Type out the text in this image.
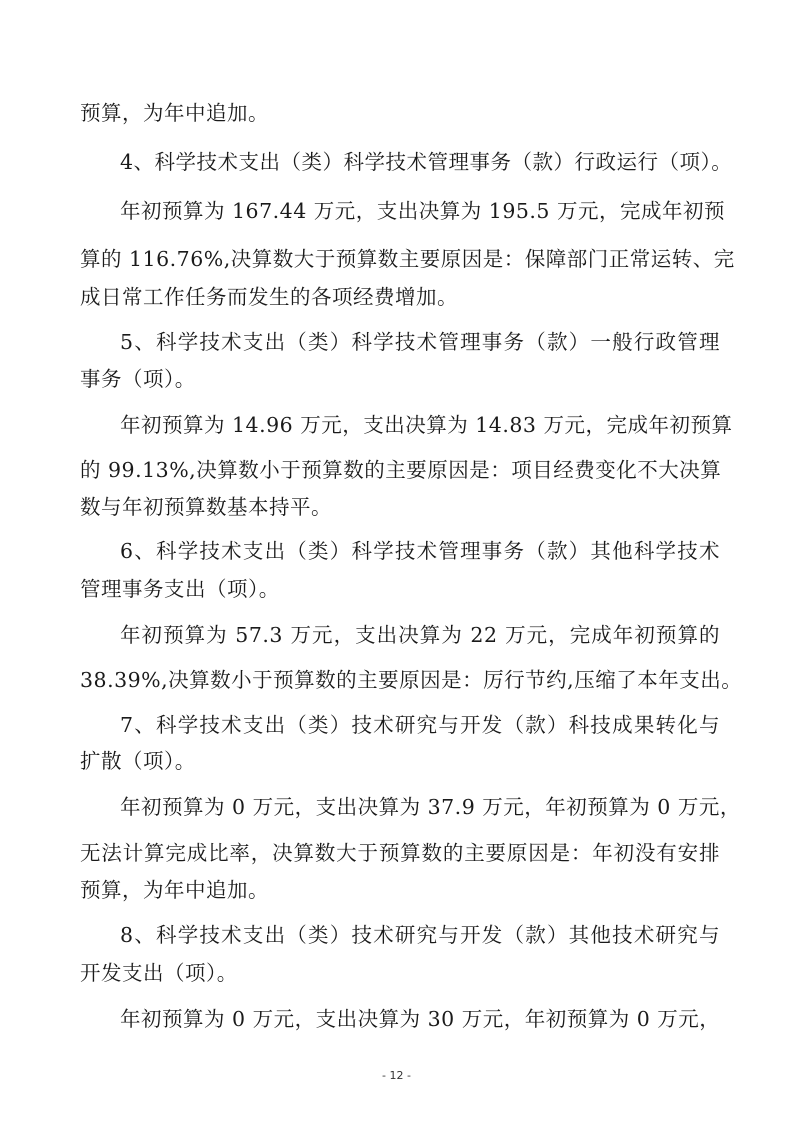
预算，为年中追加。
4、科学技术支出（类）科学技术管理事务（款）行政运行（项）。
年初预算为 167.44 万元，支出决算为 195.5 万元，完成年初预
算的 116.76%,决算数大于预算数主要原因是：保障部门正常运转、完
成日常工作任务而发生的各项经费增加。
5、科学技术支出（类）科学技术管理事务（款）一般行政管理
事务（项）。
年初预算为 14.96 万元，支出决算为 14.83 万元，完成年初预算
的 99.13%,决算数小于预算数的主要原因是：项目经费变化不大决算
数与年初预算数基本持平。
6、科学技术支出（类）科学技术管理事务（款）其他科学技术
管理事务支出（项）。
年初预算为 57.3 万元，支出决算为 22 万元，完成年初预算的
38.39%,决算数小于预算数的主要原因是：厉行节约,压缩了本年支出。
7、科学技术支出（类）技术研究与开发（款）科技成果转化与
扩散（项）。
年初预算为 0 万元，支出决算为 37.9 万元，年初预算为 0 万元，
无法计算完成比率，决算数大于预算数的主要原因是：年初没有安排
预算，为年中追加。
8、科学技术支出（类）技术研究与开发（款）其他技术研究与
开发支出（项）。
年初预算为 0 万元，支出决算为 30 万元，年初预算为 0 万元，
- 12 -
